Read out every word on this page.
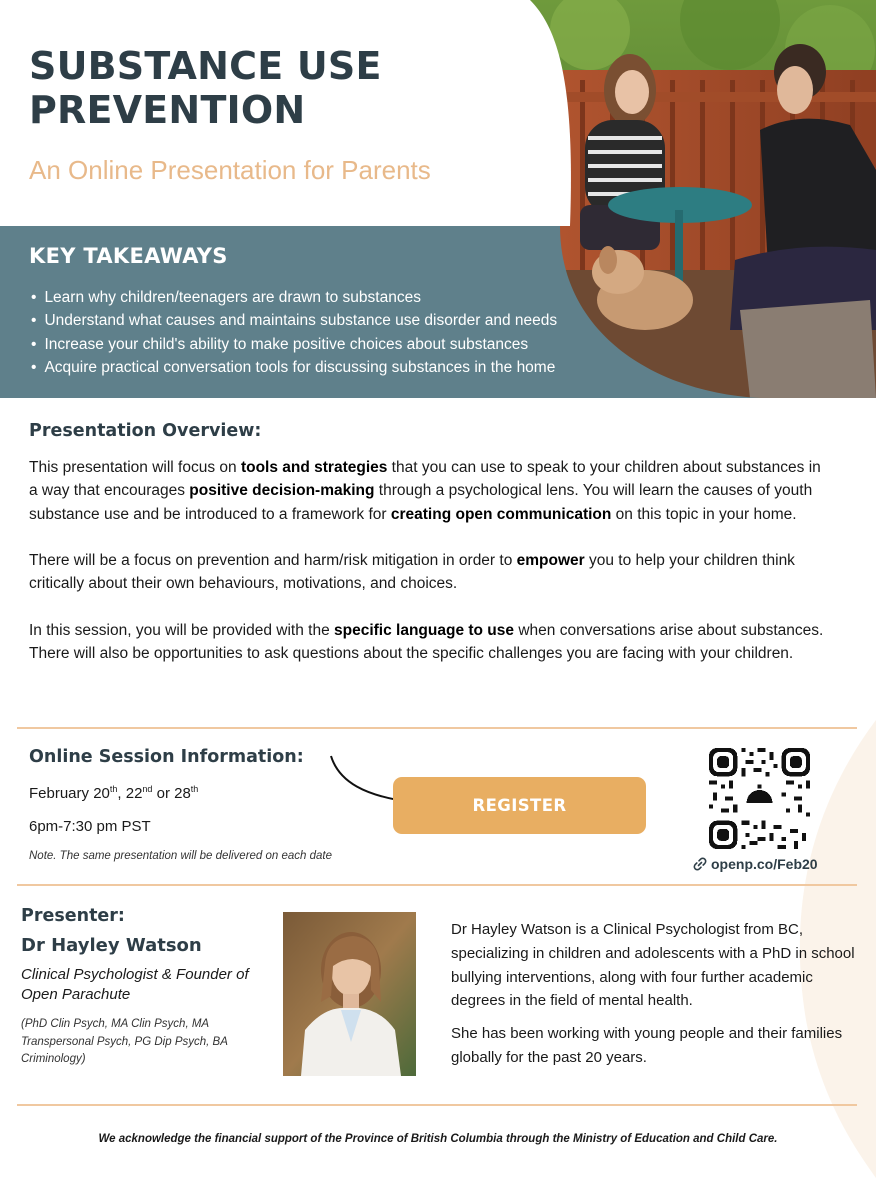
SUBSTANCE USE
PREVENTION
An Online Presentation for Parents
KEY TAKEAWAYS
• Learn why children/teenagers are drawn to substances
• Understand what causes and maintains substance use disorder and needs
• Increase your child's ability to make positive choices about substances
• Acquire practical conversation tools for discussing substances in the home
Presentation Overview:

This presentation will focus on tools and strategies that you can use to speak to your children about substances in a way that encourages positive decision-making through a psychological lens. You will learn the causes of youth substance use and be introduced to a framework for creating open communication on this topic in your home.

There will be a focus on prevention and harm/risk mitigation in order to empower you to help your children think critically about their own behaviours, motivations, and choices.

In this session, you will be provided with the specific language to use when conversations arise about substances. There will also be opportunities to ask questions about the specific challenges you are facing with your children.

Online Session Information:
February 20th, 22nd or 28th
6pm-7:30 pm PST
Note. The same presentation will be delivered on each date
REGISTER
openp.co/Feb20
Presenter:
Dr Hayley Watson
Clinical Psychologist & Founder of Open Parachute
(PhD Clin Psych, MA Clin Psych, MA Transpersonal Psych, PG Dip Psych, BA Criminology)

Dr Hayley Watson is a Clinical Psychologist from BC, specializing in children and adolescents with a PhD in school bullying interventions, along with four further academic degrees in the field of mental health.

She has been working with young people and their families globally for the past 20 years.

We acknowledge the financial support of the Province of British Columbia through the Ministry of Education and Child Care.
